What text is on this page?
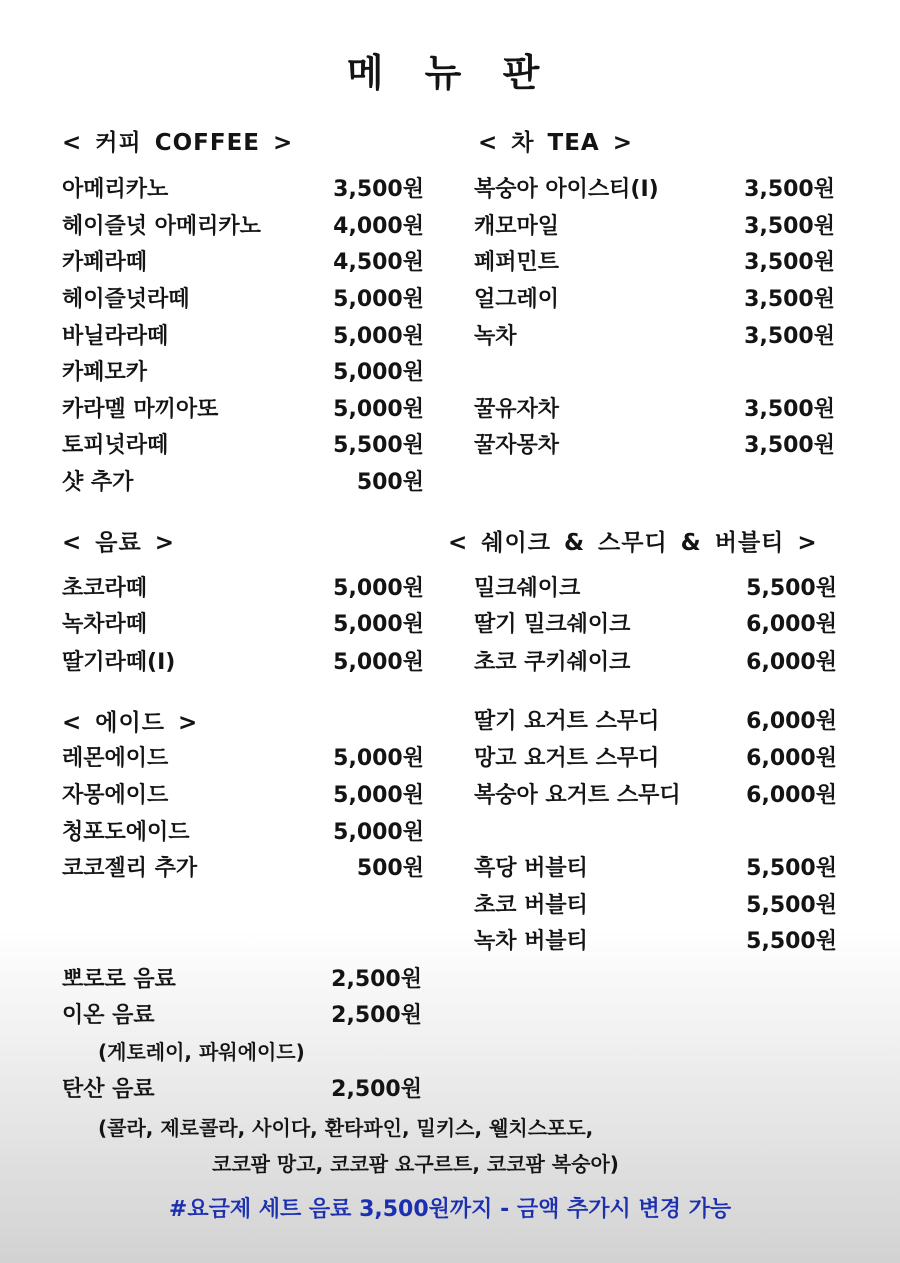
메 뉴 판
< 커피 COFFEE >
아메리카노	3,500원
헤이즐넛 아메리카노	4,000원
카페라떼	4,500원
헤이즐넛라떼	5,000원
바닐라라떼	5,000원
카페모카	5,000원
카라멜 마끼아또	5,000원
토피넛라떼	5,500원
샷 추가	500원
< 차 TEA >
복숭아 아이스티(I)	3,500원
캐모마일	3,500원
페퍼민트	3,500원
얼그레이	3,500원
녹차	3,500원
꿀유자차	3,500원
꿀자몽차	3,500원
< 음료 >
초코라떼	5,000원
녹차라떼	5,000원
딸기라떼(I)	5,000원
< 쉐이크 & 스무디 & 버블티 >
밀크쉐이크	5,500원
딸기 밀크쉐이크	6,000원
초코 쿠키쉐이크	6,000원
딸기 요거트 스무디	6,000원
망고 요거트 스무디	6,000원
복숭아 요거트 스무디	6,000원
흑당 버블티	5,500원
초코 버블티	5,500원
녹차 버블티	5,500원
< 에이드 >
레몬에이드	5,000원
자몽에이드	5,000원
청포도에이드	5,000원
코코젤리 추가	500원
뽀로로 음료	2,500원
이온 음료	2,500원
(게토레이, 파워에이드)
탄산 음료	2,500원
(콜라, 제로콜라, 사이다, 환타파인, 밀키스, 웰치스포도,
코코팜 망고, 코코팜 요구르트, 코코팜 복숭아)
#요금제 세트 음료 3,500원까지 - 금액 추가시 변경 가능
